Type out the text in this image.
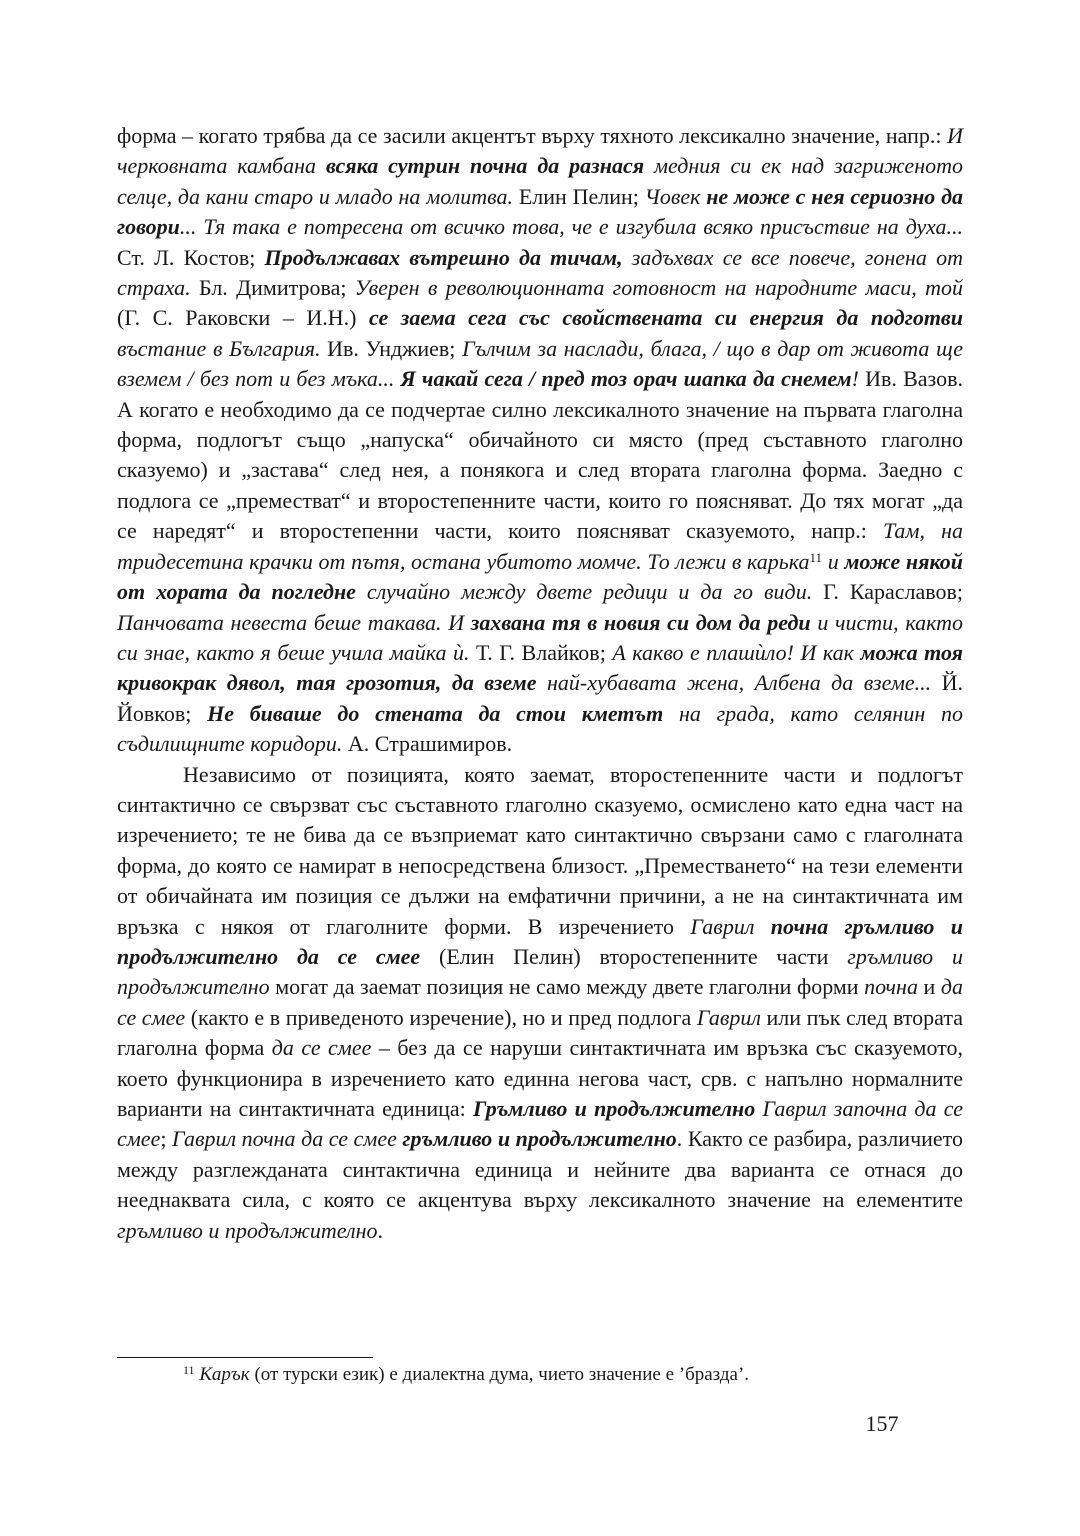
форма – когато трябва да се засили акцентът върху тяхното лексикално значение, напр.: И черковната камбана всяка сутрин почна да разнася медния си ек над загриженото селце, да кани старо и младо на молитва. Елин Пелин; Човек не може с нея сериозно да говори... Тя така е потресена от всичко това, че е изгубила всяко присъствие на духа... Ст. Л. Костов; Продължавах вътрешно да тичам, задъхвах се все повече, гонена от страха. Бл. Димитрова; Уверен в революционната готовност на народните маси, той (Г. С. Раковски – И.Н.) се заема сега със свойствената си енергия да подготви въстание в България. Ив. Унджиев; Гълчим за наслади, блага, / що в дар от живота ще вземем / без пот и без мъка... Я чакай сега / пред тоз орач шапка да снемем! Ив. Вазов. А когато е необходимо да се подчертае силно лексикалното значение на първата глаголна форма, подлогът също „напуска“ обичайното си място (пред съставното глаголно сказуемо) и „застава“ след нея, а понякога и след втората глаголна форма. Заедно с подлога се „преместват“ и второстепенните части, които го поясняват. До тях могат „да се наредят“ и второстепенни части, които поясняват сказуемото, напр.: Там, на тридесетина крачки от пътя, остана убитото момче. То лежи в карька$^{11}$ и може някой от хората да погледне случайно между двете редици и да го види. Г. Караславов; Панчовата невеста беше такава. И захвана тя в новия си дом да реди и чисти, както си знае, както я беше учила майка ѝ. Т. Г. Влайков; А какво е плашѝло! И как можа тоя кривокрак дявол, тая грозотия, да вземе най-хубавата жена, Албена да вземе... Й. Йовков; Не биваше до стената да стои кметът на града, като селянин по съдилищните коридори. А. Страшимиров.

Независимо от позицията, която заемат, второстепенните части и подлогът синтактично се свързват със съставното глаголно сказуемо, осмислено като една част на изречението; те не бива да се възприемат като синтактично свързани само с глаголната форма, до която се намират в непосредствена близост. „Преместването“ на тези елементи от обичайната им позиция се дължи на емфатични причини, а не на синтактичната им връзка с някоя от глаголните форми. В изречението Гаврил почна гръмливо и продължително да се смее (Елин Пелин) второстепенните части гръмливо и продължително могат да заемат позиция не само между двете глаголни форми почна и да се смее (както е в приведеното изречение), но и пред подлога Гаврил или пък след втората глаголна форма да се смее – без да се наруши синтактичната им връзка със сказуемото, което функционира в изречението като единна негова част, срв. с напълно нормалните варианти на синтактичната единица: Гръмливо и продължително Гаврил започна да се смее; Гаврил почна да се смее гръмливо и продължително. Както се разбира, различието между разглежданата синтактична единица и нейните два варианта се отнася до нееднаквата сила, с която се акцентува върху лексикалното значение на елементите гръмливо и продължително.

$^{11}$ Карък (от турски език) е диалектна дума, чието значение е ’бразда’.
157
